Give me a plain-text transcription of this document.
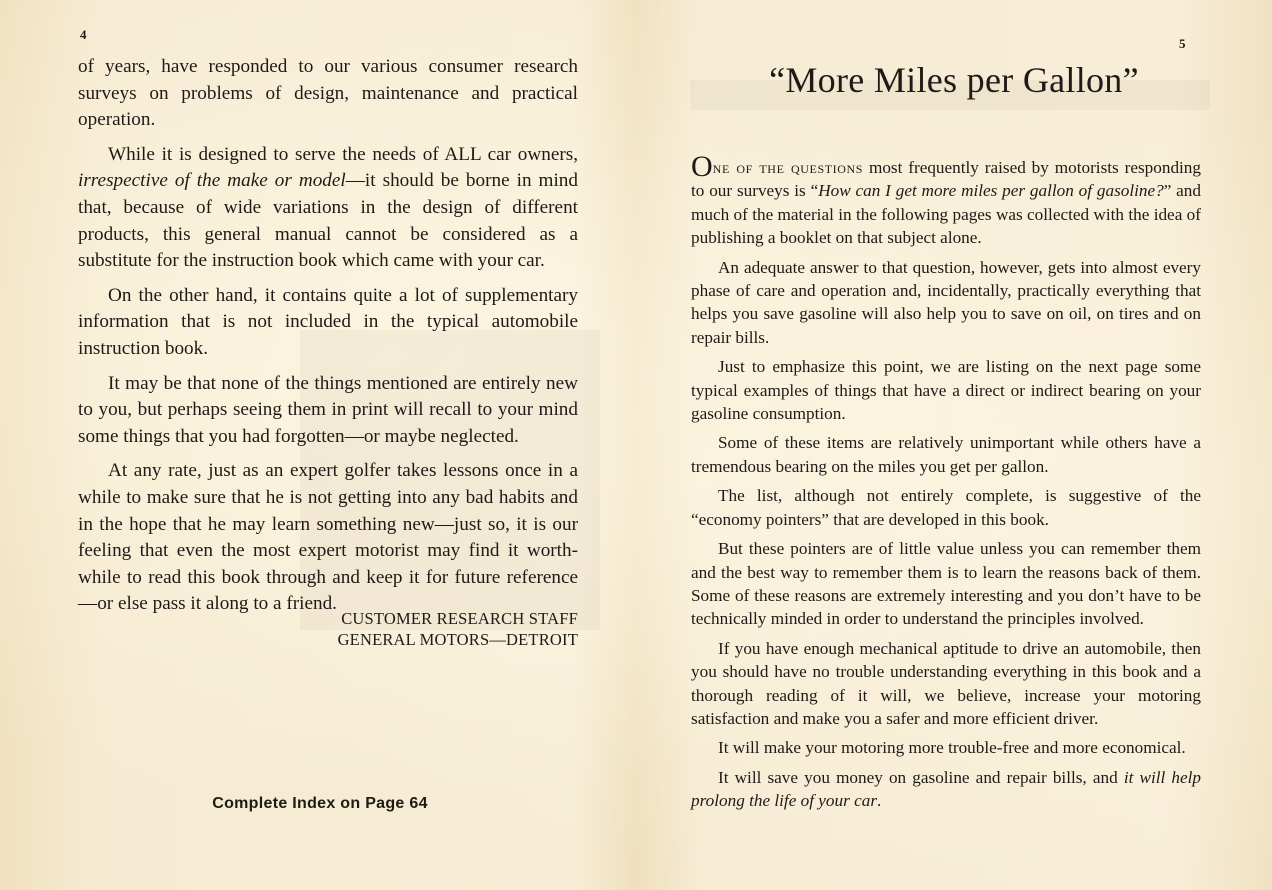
4

of years, have responded to our various consumer research surveys on problems of design, maintenance and practical operation.

While it is designed to serve the needs of ALL car owners, irrespective of the make or model—it should be borne in mind that, because of wide variations in the design of different products, this general manual cannot be considered as a substitute for the instruction book which came with your car.

On the other hand, it contains quite a lot of supplementary information that is not included in the typical automobile instruction book.

It may be that none of the things mentioned are entirely new to you, but perhaps seeing them in print will recall to your mind some things that you had forgotten—or maybe neglected.

At any rate, just as an expert golfer takes lessons once in a while to make sure that he is not getting into any bad habits and in the hope that he may learn something new—just so, it is our feeling that even the most expert motorist may find it worth-while to read this book through and keep it for future reference—or else pass it along to a friend.

CUSTOMER RESEARCH STAFF
GENERAL MOTORS—DETROIT
Complete Index on Page 64
5
“More Miles per Gallon”

One of the questions most frequently raised by motorists responding to our surveys is “How can I get more miles per gallon of gasoline?” and much of the material in the following pages was collected with the idea of publishing a booklet on that subject alone.

An adequate answer to that question, however, gets into almost every phase of care and operation and, incidentally, practically everything that helps you save gasoline will also help you to save on oil, on tires and on repair bills.

Just to emphasize this point, we are listing on the next page some typical examples of things that have a direct or indirect bearing on your gasoline consumption.

Some of these items are relatively unimportant while others have a tremendous bearing on the miles you get per gallon.

The list, although not entirely complete, is suggestive of the “economy pointers” that are developed in this book.

But these pointers are of little value unless you can remember them and the best way to remember them is to learn the reasons back of them. Some of these reasons are extremely interesting and you don’t have to be technically minded in order to understand the principles involved.

If you have enough mechanical aptitude to drive an automobile, then you should have no trouble understanding everything in this book and a thorough reading of it will, we believe, increase your motoring satisfaction and make you a safer and more efficient driver.

It will make your motoring more trouble-free and more economical.

It will save you money on gasoline and repair bills, and it will help prolong the life of your car.
